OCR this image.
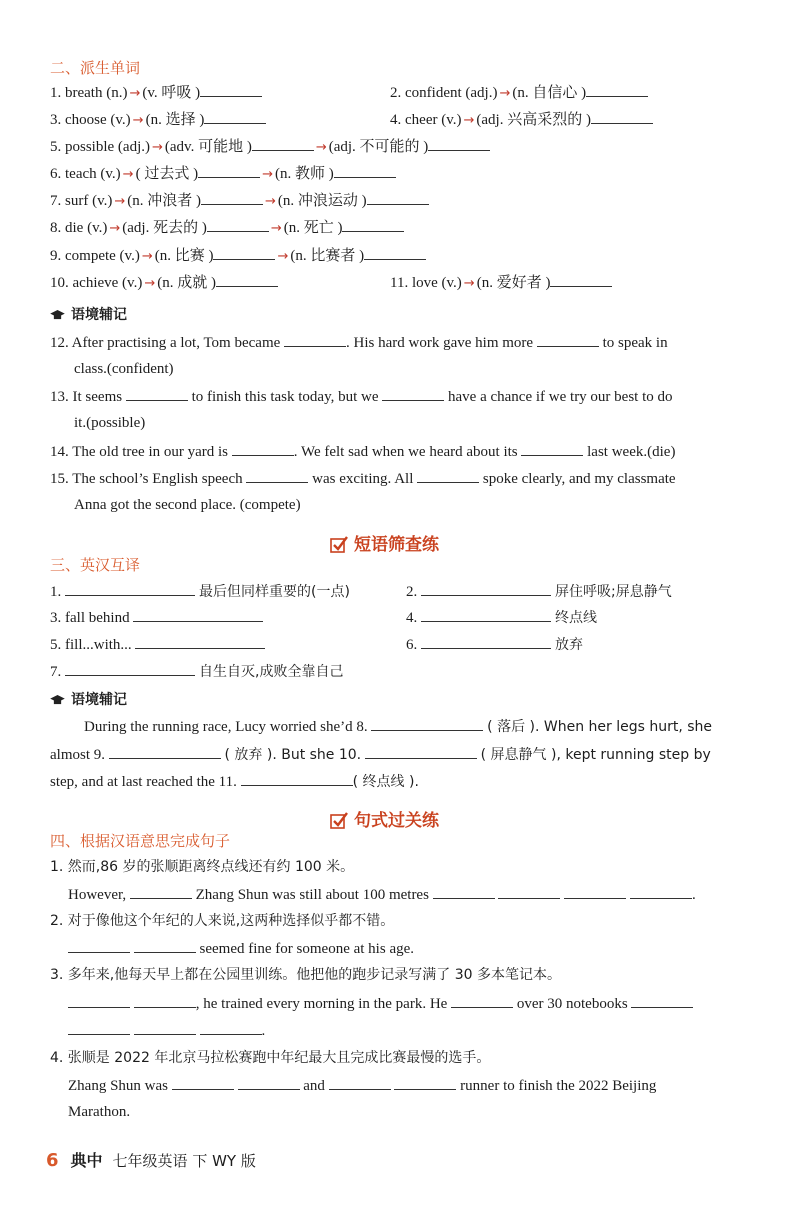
二、派生单词
1. breath (n.) → (v. 呼吸 )	2. confident (adj.) → (n. 自信心 )
3. choose (v.) → (n. 选择 )	4. cheer (v.) → (adj. 兴高采烈的 )
5. possible (adj.) → (adv. 可能地 )	→ (adj. 不可能的 )
6. teach (v.) → ( 过去式 )	→ (n. 教师 )
7. surf (v.) → (n. 冲浪者 )	→ (n. 冲浪运动 )
8. die (v.) → (adj. 死去的 )	→ (n. 死亡 )
9. compete (v.) → (n. 比赛 )	→ (n. 比赛者 )
10. achieve (v.) → (n. 成就 )	11. love (v.) → (n. 爱好者 )
语境辅记
12. After practising a lot, Tom became	. His hard work gave him more	to speak in
class.(confident)
13. It seems	to finish this task today, but we	have a chance if we try our best to do
it.(possible)
14. The old tree in our yard is	. We felt sad when we heard about its	last week.(die)
15. The school’s English speech	was exciting. All	spoke clearly, and my classmate
Anna got the second place. (compete)
短语筛查练
三、英汉互译
1.	最后但同样重要的(一点)	2.	屏住呼吸;屏息静气
3. fall behind	4.	终点线
5. fill...with...	6.	放弃
7.	自生自灭,成败全靠自己
语境辅记
During the running race, Lucy worried she’d 8.	( 落后 ). When her legs hurt, she
almost 9.	( 放弃 ). But she 10.	( 屏息静气 ), kept running step by
step, and at last reached the 11.	( 终点线 ).
句式过关练
四、根据汉语意思完成句子
1. 然而,86 岁的张顺距离终点线还有约 100 米。
However,	Zhang Shun was still about 100 metres	.
2. 对于像他这个年纪的人来说,这两种选择似乎都不错。
seemed fine for someone at his age.
3. 多年来,他每天早上都在公园里训练。他把他的跑步记录写满了 30 多本笔记本。
, he trained every morning in the park. He	over 30 notebooks
.
4. 张顺是 2022 年北京马拉松赛跑中年纪最大且完成比赛最慢的选手。
Zhang Shun was	and	runner to finish the 2022 Beijing
Marathon.
6 典中 七年级英语 下 WY 版
